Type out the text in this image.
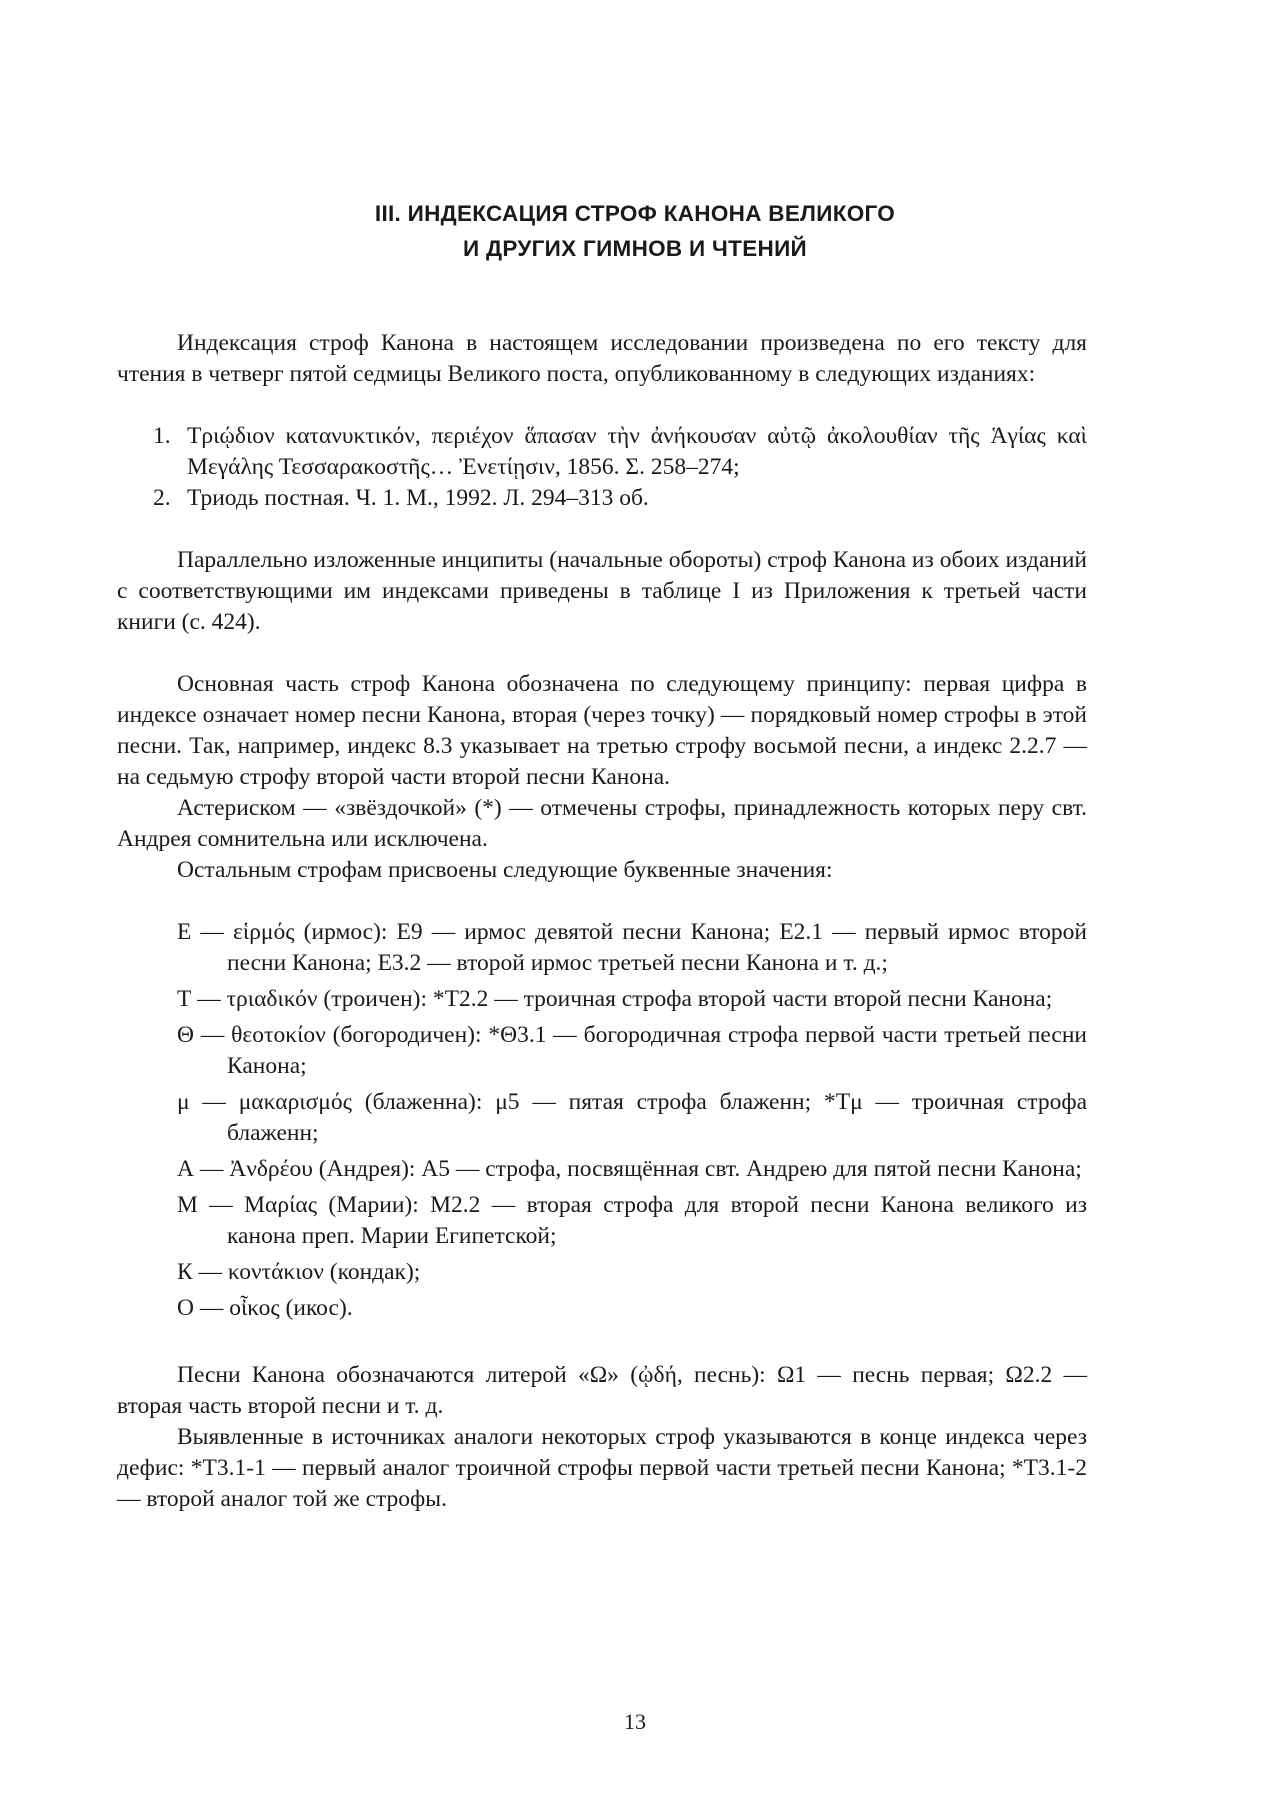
III. ИНДЕКСАЦИЯ СТРОФ КАНОНА ВЕЛИКОГО
И ДРУГИХ ГИМНОВ И ЧТЕНИЙ

Индексация строф Канона в настоящем исследовании произведена по его тексту для чтения в четверг пятой седмицы Великого поста, опубликованному в следующих изданиях:

1. Τριῴδιον κατανυκτικόν, περιέχον ἅπασαν τὴν ἀνήκουσαν αὐτῷ ἀκολουθίαν τῆς Ἁγίας καὶ Μεγάλης Τεσσαρακοστῆς… Ἐνετίῃσιν, 1856. Σ. 258–274;

2. Триодь постная. Ч. 1. М., 1992. Л. 294–313 об.

Параллельно изложенные инципиты (начальные обороты) строф Канона из обоих изданий с соответствующими им индексами приведены в таблице I из Приложения к третьей части книги (с. 424).

Основная часть строф Канона обозначена по следующему принципу: первая цифра в индексе означает номер песни Канона, вторая (через точку) — порядковый номер строфы в этой песни. Так, например, индекс 8.3 указывает на третью строфу восьмой песни, а индекс 2.2.7 — на седьмую строфу второй части второй песни Канона.

Астериском — «звёздочкой» (*) — отмечены строфы, принадлежность которых перу свт. Андрея сомнительна или исключена.

Остальным строфам присвоены следующие буквенные значения:

Е — εἱρμός (ирмос): Е9 — ирмос девятой песни Канона; Е2.1 — первый ирмос второй песни Канона; Е3.2 — второй ирмос третьей песни Канона и т. д.;

Т — τριαδικόν (троичен): *Т2.2 — троичная строфа второй части второй песни Канона;

Θ — θεοτοκίον (богородичен): *Θ3.1 — богородичная строфа первой части третьей песни Канона;

μ — μακαρισμός (блаженна): μ5 — пятая строфа блаженн; *Тμ — троичная строфа блаженн;

А — Ἀνδρέου (Андрея): А5 — строфа, посвящённая свт. Андрею для пятой песни Канона;

М — Μαρίας (Марии): М2.2 — вторая строфа для второй песни Канона великого из канона преп. Марии Египетской;

К — κοντάκιον (кондак);

О — οἶκος (икос).

Песни Канона обозначаются литерой «Ω» (ᾠδή, песнь): Ω1 — песнь первая; Ω2.2 — вторая часть второй песни и т. д.

Выявленные в источниках аналоги некоторых строф указываются в конце индекса через дефис: *Т3.1-1 — первый аналог троичной строфы первой части третьей песни Канона; *Т3.1-2 — второй аналог той же строфы.

13
